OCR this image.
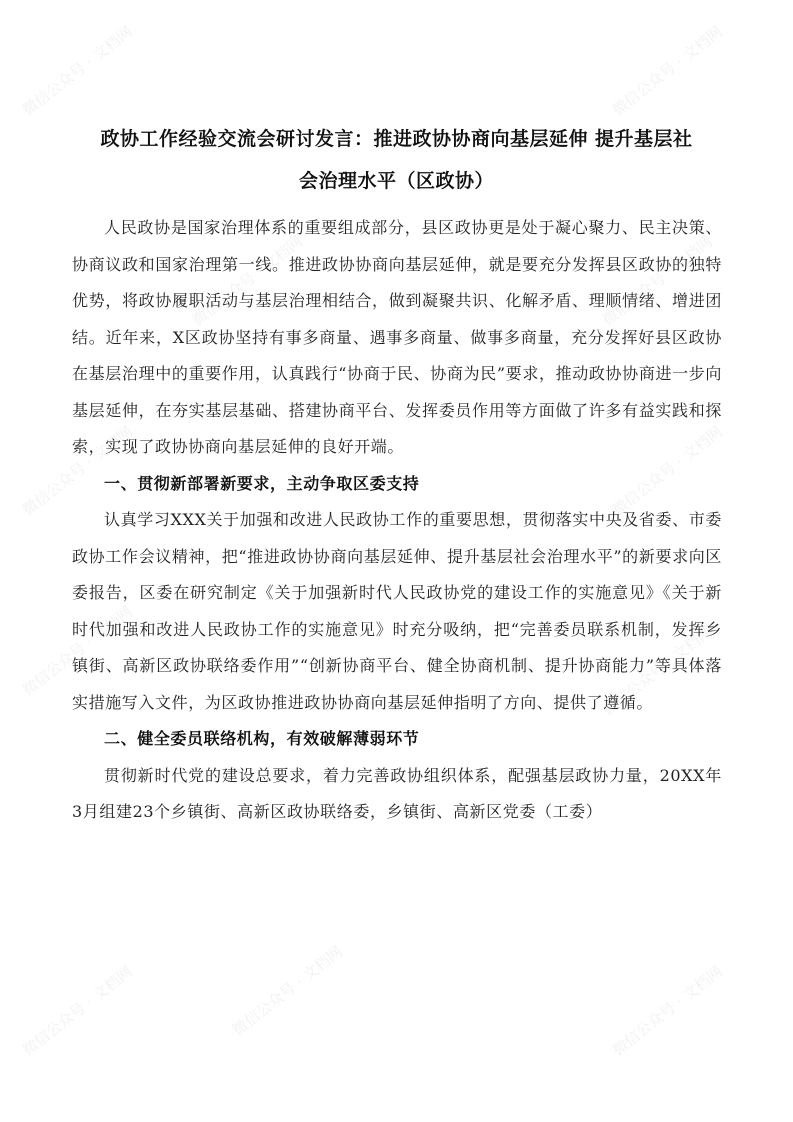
政协工作经验交流会研讨发言：推进政协协商向基层延伸 提升基层社
会治理水平（区政协）

人民政协是国家治理体系的重要组成部分，县区政协更是处于凝心聚力、民主决策、协商议政和国家治理第一线。推进政协协商向基层延伸，就是要充分发挥县区政协的独特优势，将政协履职活动与基层治理相结合，做到凝聚共识、化解矛盾、理顺情绪、增进团结。近年来，X区政协坚持有事多商量、遇事多商量、做事多商量，充分发挥好县区政协在基层治理中的重要作用，认真践行“协商于民、协商为民”要求，推动政协协商进一步向基层延伸，在夯实基层基础、搭建协商平台、发挥委员作用等方面做了许多有益实践和探索，实现了政协协商向基层延伸的良好开端。

一、贯彻新部署新要求，主动争取区委支持

认真学习XXX关于加强和改进人民政协工作的重要思想，贯彻落实中央及省委、市委政协工作会议精神，把“推进政协协商向基层延伸、提升基层社会治理水平”的新要求向区委报告，区委在研究制定《关于加强新时代人民政协党的建设工作的实施意见》《关于新时代加强和改进人民政协工作的实施意见》时充分吸纳，把“完善委员联系机制，发挥乡镇街、高新区政协联络委作用”“创新协商平台、健全协商机制、提升协商能力”等具体落实措施写入文件，为区政协推进政协协商向基层延伸指明了方向、提供了遵循。

二、健全委员联络机构，有效破解薄弱环节

贯彻新时代党的建设总要求，着力完善政协组织体系，配强基层政协力量，20XX年3月组建23个乡镇街、高新区政协联络委，乡镇街、高新区党委（工委）

微信公众号 · 文档网	微信公众号 · 文档网
微信公众号 · 文档网	微信公众号 · 文档网
微信公众号 · 文档网	微信公众号 · 文档网
微信公众号 · 文档网	微信公众号 · 文档网
微信公众号 · 文档网	微信公众号 · 文档网	微信公众号 · 文档网
